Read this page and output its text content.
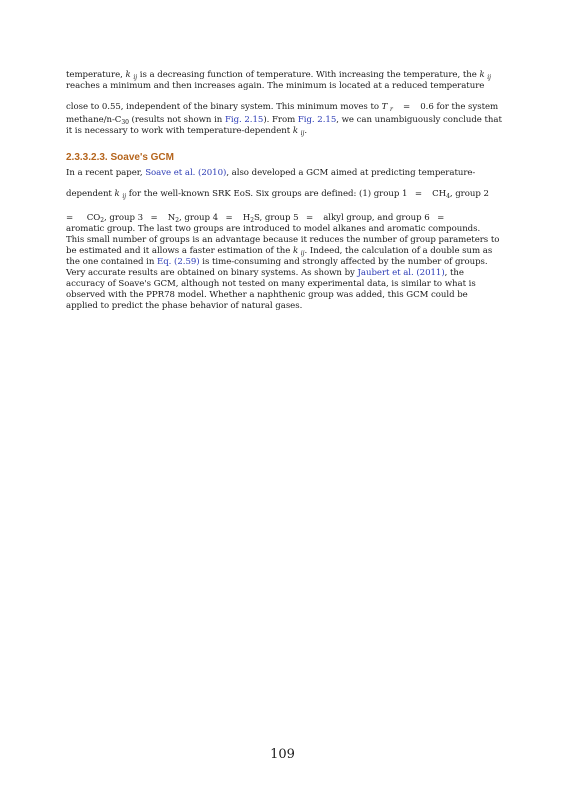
temperature, k $_{ij}$ is a decreasing function of temperature. With increasing the temperature, the k $_{ij}$
reaches a minimum and then increases again. The minimum is located at a reduced temperature
close to 0.55, independent of the binary system. This minimum moves to T $_r$ = 0.6 for the system
methane/$n-C_{30}$ (results not shown in Fig. 2.15). From Fig. 2.15, we can unambiguously conclude that
it is necessary to work with temperature-dependent k $_{ij}$.
2.3.3.2.3. Soave's GCM
In a recent paper, Soave et al. (2010), also developed a GCM aimed at predicting temperature-
dependent k $_{ij}$ for the well-known SRK EoS. Six groups are defined: (1) group $1 = CH_4$, group 2
= $CO_2$, group $3 = N_2$, group $4 = H_2S$, group 5 = alkyl group, and group 6 =
aromatic group. The last two groups are introduced to model alkanes and aromatic compounds.
This small number of groups is an advantage because it reduces the number of group parameters to
be estimated and it allows a faster estimation of the k $_{ij}$. Indeed, the calculation of a double sum as
the one contained in Eq. (2.59) is time-consuming and strongly affected by the number of groups.
Very accurate results are obtained on binary systems. As shown by Jaubert et al. (2011), the
accuracy of Soave's GCM, although not tested on many experimental data, is similar to what is
observed with the PPR78 model. Whether a naphthenic group was added, this GCM could be
applied to predict the phase behavior of natural gases.
109
